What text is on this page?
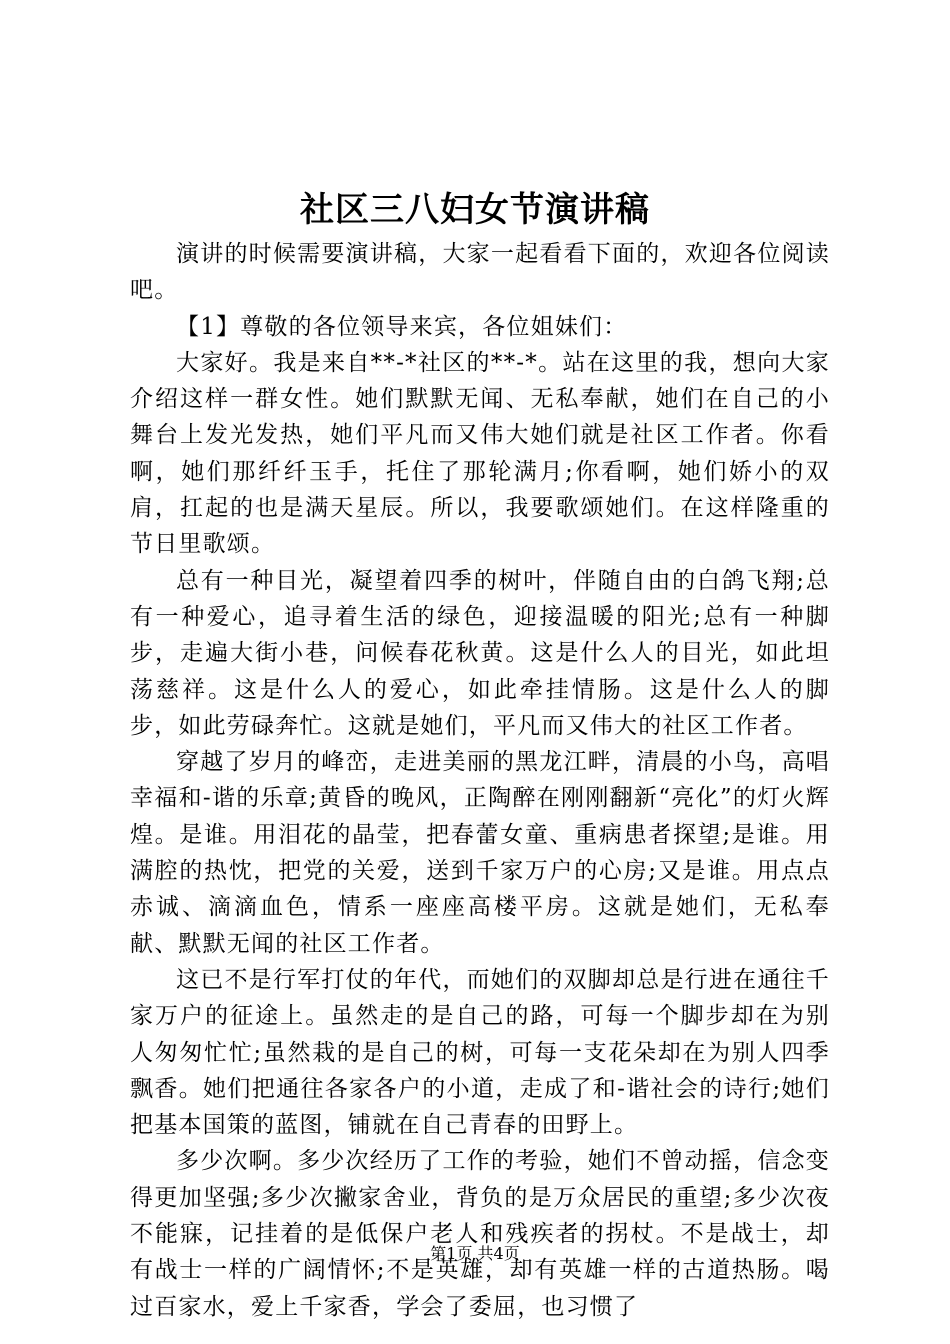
社区三八妇女节演讲稿

演讲的时候需要演讲稿，大家一起看看下面的，欢迎各位阅读吧。

【1】尊敬的各位领导来宾，各位姐妹们：

大家好。我是来自**-*社区的**-*。站在这里的我，想向大家介绍这样一群女性。她们默默无闻、无私奉献，她们在自己的小舞台上发光发热，她们平凡而又伟大她们就是社区工作者。你看啊，她们那纤纤玉手，托住了那轮满月;你看啊，她们娇小的双肩，扛起的也是满天星辰。所以，我要歌颂她们。在这样隆重的节日里歌颂。

总有一种目光，凝望着四季的树叶，伴随自由的白鸽飞翔;总有一种爱心，追寻着生活的绿色，迎接温暖的阳光;总有一种脚步，走遍大街小巷，问候春花秋黄。这是什么人的目光，如此坦荡慈祥。这是什么人的爱心，如此牵挂情肠。这是什么人的脚步，如此劳碌奔忙。这就是她们，平凡而又伟大的社区工作者。

穿越了岁月的峰峦，走进美丽的黑龙江畔，清晨的小鸟，高唱幸福和-谐的乐章;黄昏的晚风，正陶醉在刚刚翻新“亮化”的灯火辉煌。是谁。用泪花的晶莹，把春蕾女童、重病患者探望;是谁。用满腔的热忱，把党的关爱，送到千家万户的心房;又是谁。用点点赤诚、滴滴血色，情系一座座高楼平房。这就是她们，无私奉献、默默无闻的社区工作者。

这已不是行军打仗的年代，而她们的双脚却总是行进在通往千家万户的征途上。虽然走的是自己的路，可每一个脚步却在为别人匆匆忙忙;虽然栽的是自己的树，可每一支花朵却在为别人四季飘香。她们把通往各家各户的小道，走成了和-谐社会的诗行;她们把基本国策的蓝图，铺就在自己青春的田野上。

多少次啊。多少次经历了工作的考验，她们不曾动摇，信念变得更加坚强;多少次撇家舍业，背负的是万众居民的重望;多少次夜不能寐，记挂着的是低保户老人和残疾者的拐杖。不是战士，却有战士一样的广阔情怀;不是英雄，却有英雄一样的古道热肠。喝过百家水，爱上千家香，学会了委屈，也习惯了

第1页 共4页
